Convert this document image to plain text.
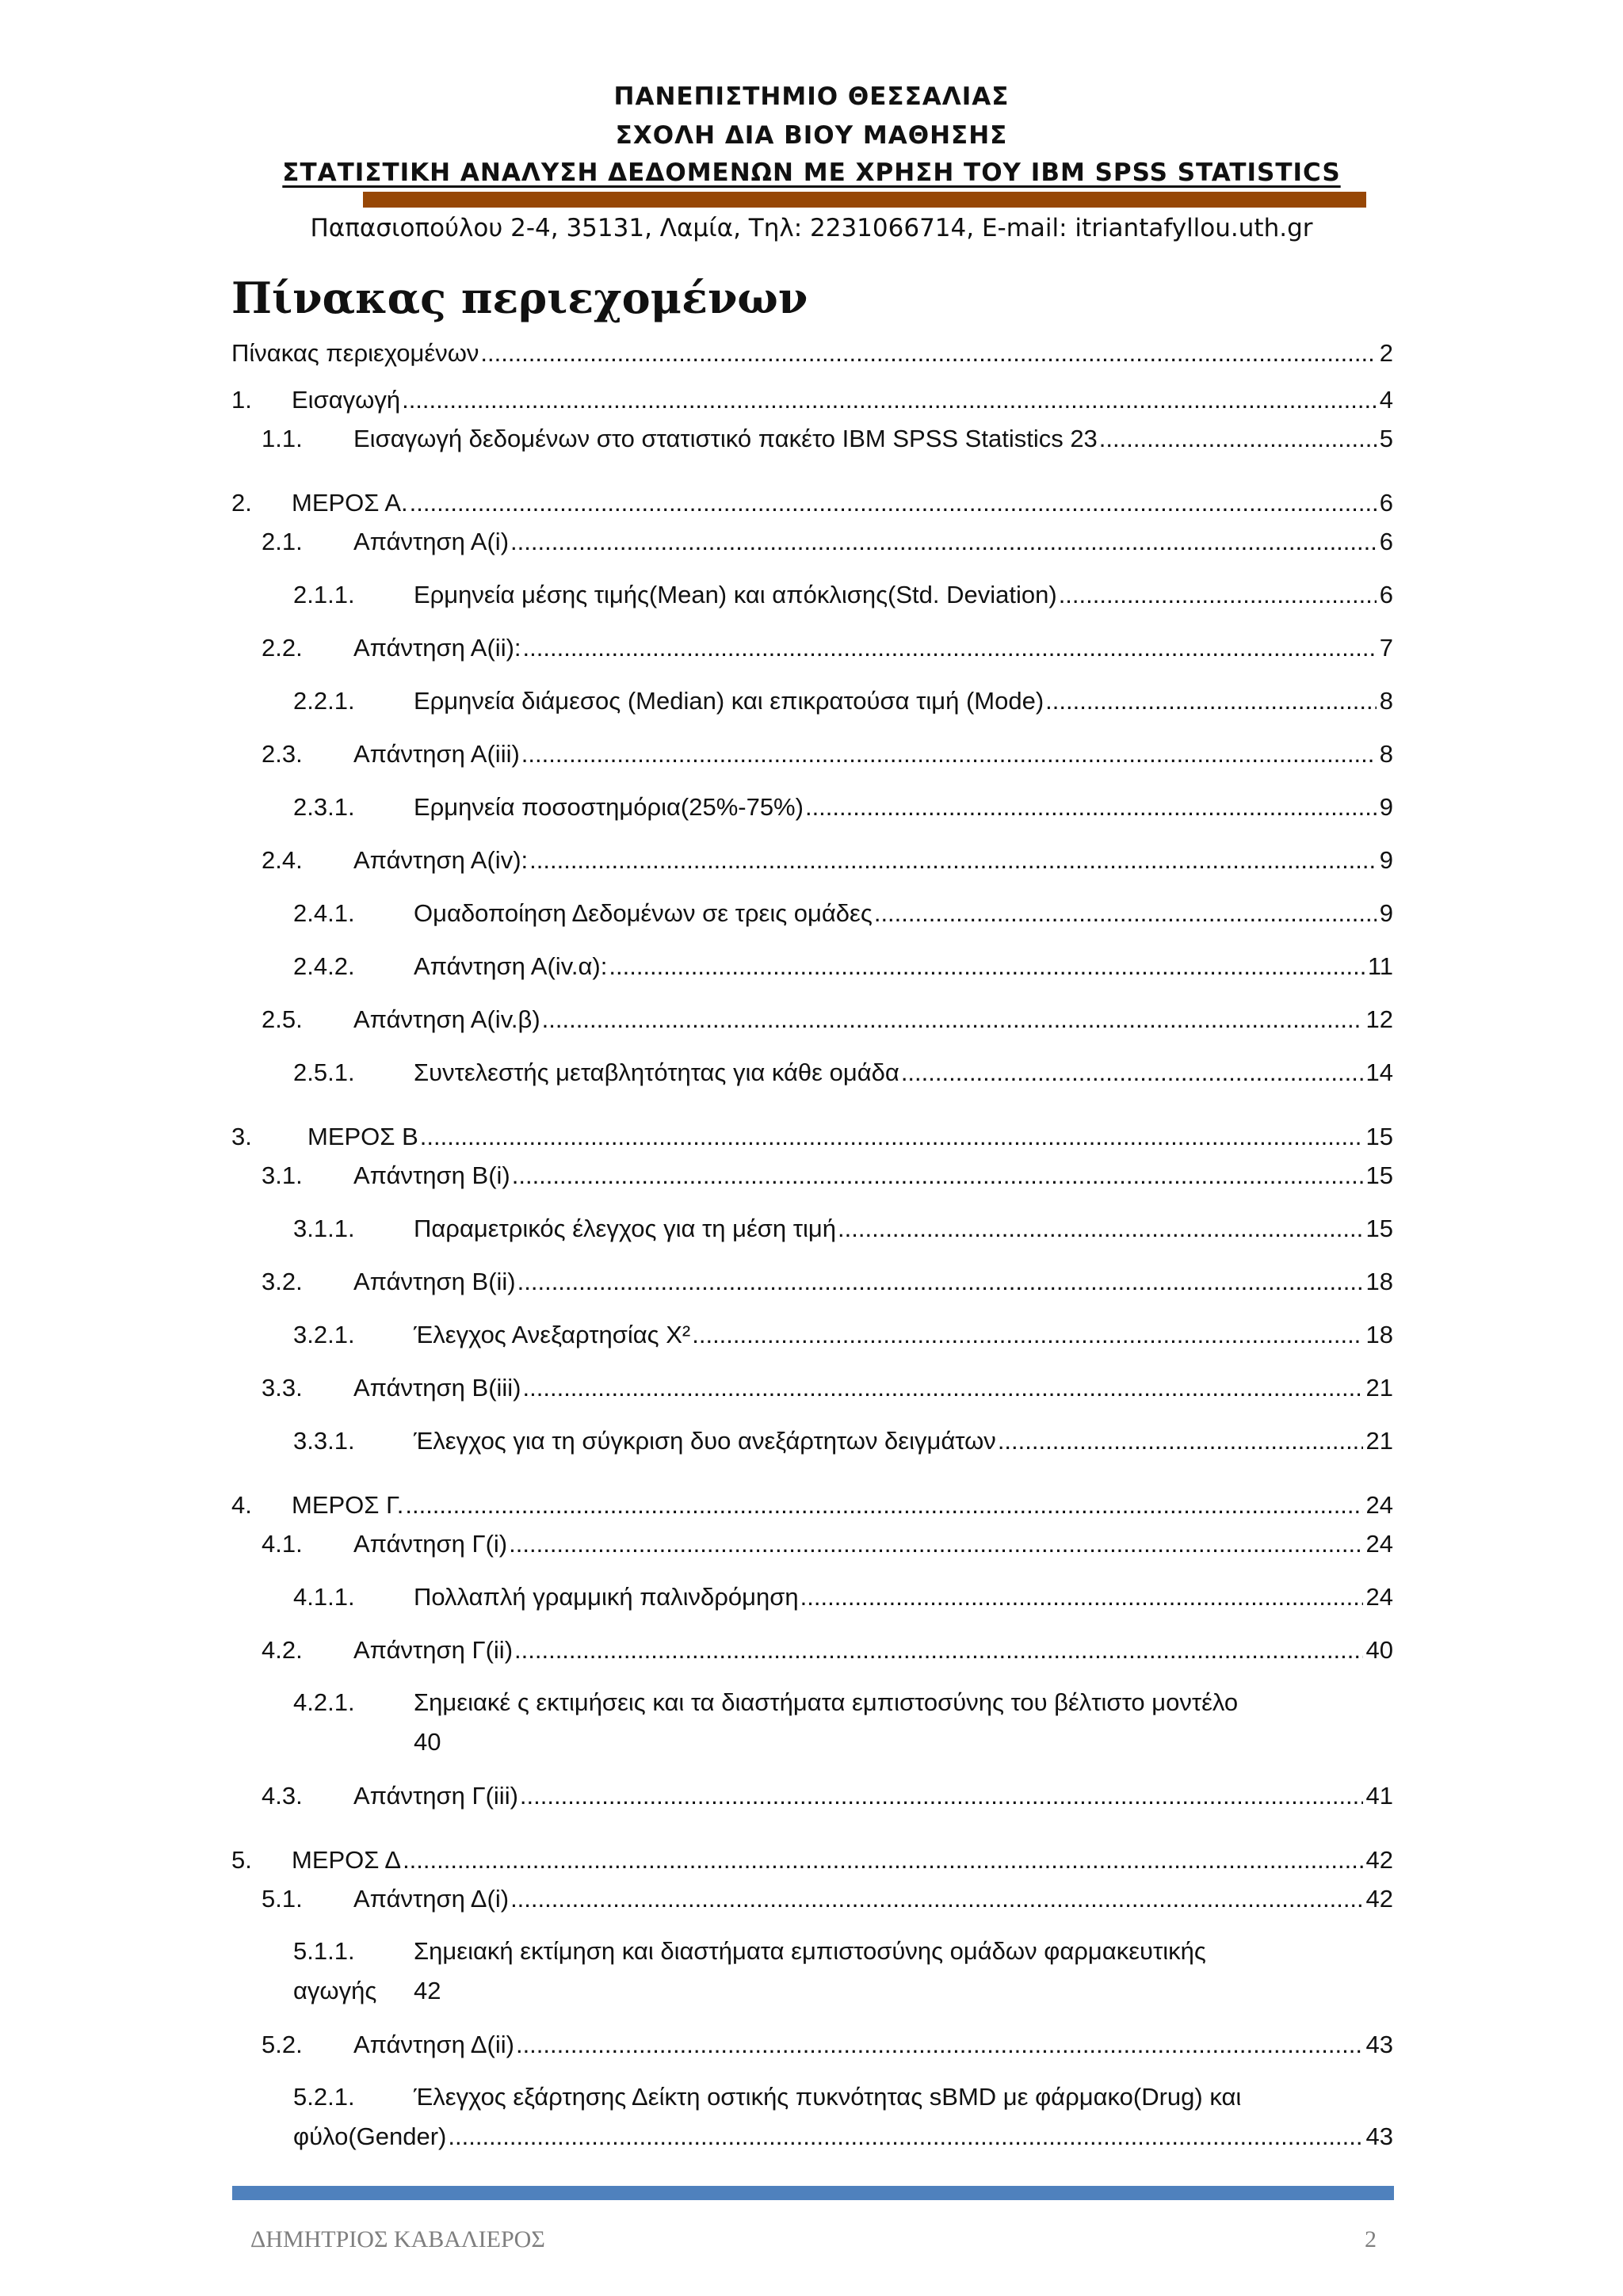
ΠΑΝΕΠΙΣΤΗΜΙΟ ΘΕΣΣΑΛΙΑΣ
ΣΧΟΛΗ ΔΙΑ ΒΙΟΥ ΜΑΘΗΣΗΣ
ΣΤΑΤΙΣΤΙΚΗ ΑΝΑΛΥΣΗ ΔΕΔΟΜΕΝΩΝ ΜΕ ΧΡΗΣΗ ΤΟΥ IBM SPSS STATISTICS
Παπασιοπούλου 2-4, 35131, Λαμία, Τηλ: 2231066714, E-mail: itriantafyllou.uth.gr
Πίνακας περιεχομένων
Πίνακας περιεχομένων .....	2
1. Εισαγωγή .....	4
1.1. Εισαγωγή δεδομένων στο στατιστικό πακέτο IBM SPSS Statistics 23 .....	5
2. ΜΕΡΟΣ Α. .....	6
2.1. Απάντηση Α(i) .....	6
2.1.1. Ερμηνεία μέσης τιμής(Mean) και απόκλισης(Std. Deviation) .....	6
2.2. Απάντηση Α(ii): .....	7
2.2.1. Ερμηνεία διάμεσος (Median) και επικρατούσα τιμή (Mode) .....	8
2.3. Απάντηση Α(iii) .....	8
2.3.1. Ερμηνεία ποσοστημόρια(25%-75%) .....	9
2.4. Απάντηση Α(iv): .....	9
2.4.1. Ομαδοποίηση Δεδομένων σε τρεις ομάδες .....	9
2.4.2. Απάντηση Α(iv.α): .....	11
2.5. Απάντηση Α(iv.β) .....	12
2.5.1. Συντελεστής μεταβλητότητας για κάθε ομάδα .....	14
3. ΜΕΡΟΣ Β .....	15
3.1. Απάντηση Β(i) .....	15
3.1.1. Παραμετρικός έλεγχος για τη μέση τιμή .....	15
3.2. Απάντηση Β(ii) .....	18
3.2.1. Έλεγχος Ανεξαρτησίας Χ² .....	18
3.3. Απάντηση Β(iii) .....	21
3.3.1. Έλεγχος για τη σύγκριση δυο ανεξάρτητων δειγμάτων .....	21
4. ΜΕΡΟΣ Γ. .....	24
4.1. Απάντηση Γ(i) .....	24
4.1.1. Πολλαπλή γραμμική παλινδρόμηση .....	24
4.2. Απάντηση Γ(ii) .....	40
4.2.1. Σημειακέ ς εκτιμήσεις και τα διαστήματα εμπιστοσύνης του βέλτιστο μοντέλο
40
4.3. Απάντηση Γ(iii) .....	41
5. ΜΕΡΟΣ Δ .....	42
5.1. Απάντηση Δ(i) .....	42
5.1.1. Σημειακή εκτίμηση και διαστήματα εμπιστοσύνης ομάδων φαρμακευτικής
αγωγής 42
5.2. Απάντηση Δ(ii) .....	43
5.2.1. Έλεγχος εξάρτησης Δείκτη οστικής πυκνότητας sBMD με φάρμακο(Drug) και
φύλο(Gender) .....	43
ΔΗΜΗΤΡΙΟΣ ΚΑΒΑΛΙΕΡΟΣ	2
